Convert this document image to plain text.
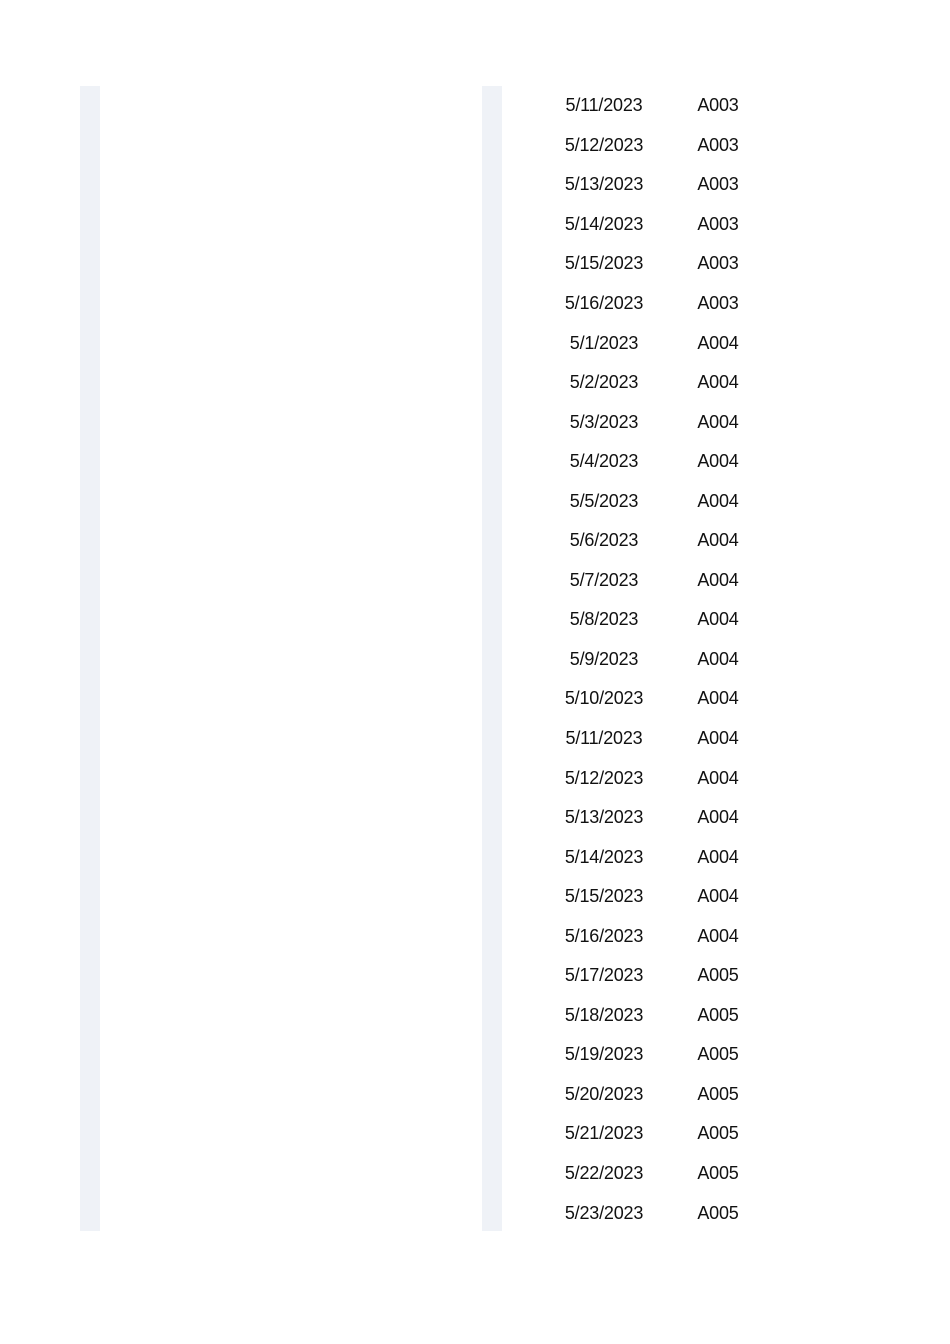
5/11/2023	A003
5/12/2023	A003
5/13/2023	A003
5/14/2023	A003
5/15/2023	A003
5/16/2023	A003
5/1/2023	A004
5/2/2023	A004
5/3/2023	A004
5/4/2023	A004
5/5/2023	A004
5/6/2023	A004
5/7/2023	A004
5/8/2023	A004
5/9/2023	A004
5/10/2023	A004
5/11/2023	A004
5/12/2023	A004
5/13/2023	A004
5/14/2023	A004
5/15/2023	A004
5/16/2023	A004
5/17/2023	A005
5/18/2023	A005
5/19/2023	A005
5/20/2023	A005
5/21/2023	A005
5/22/2023	A005
5/23/2023	A005
